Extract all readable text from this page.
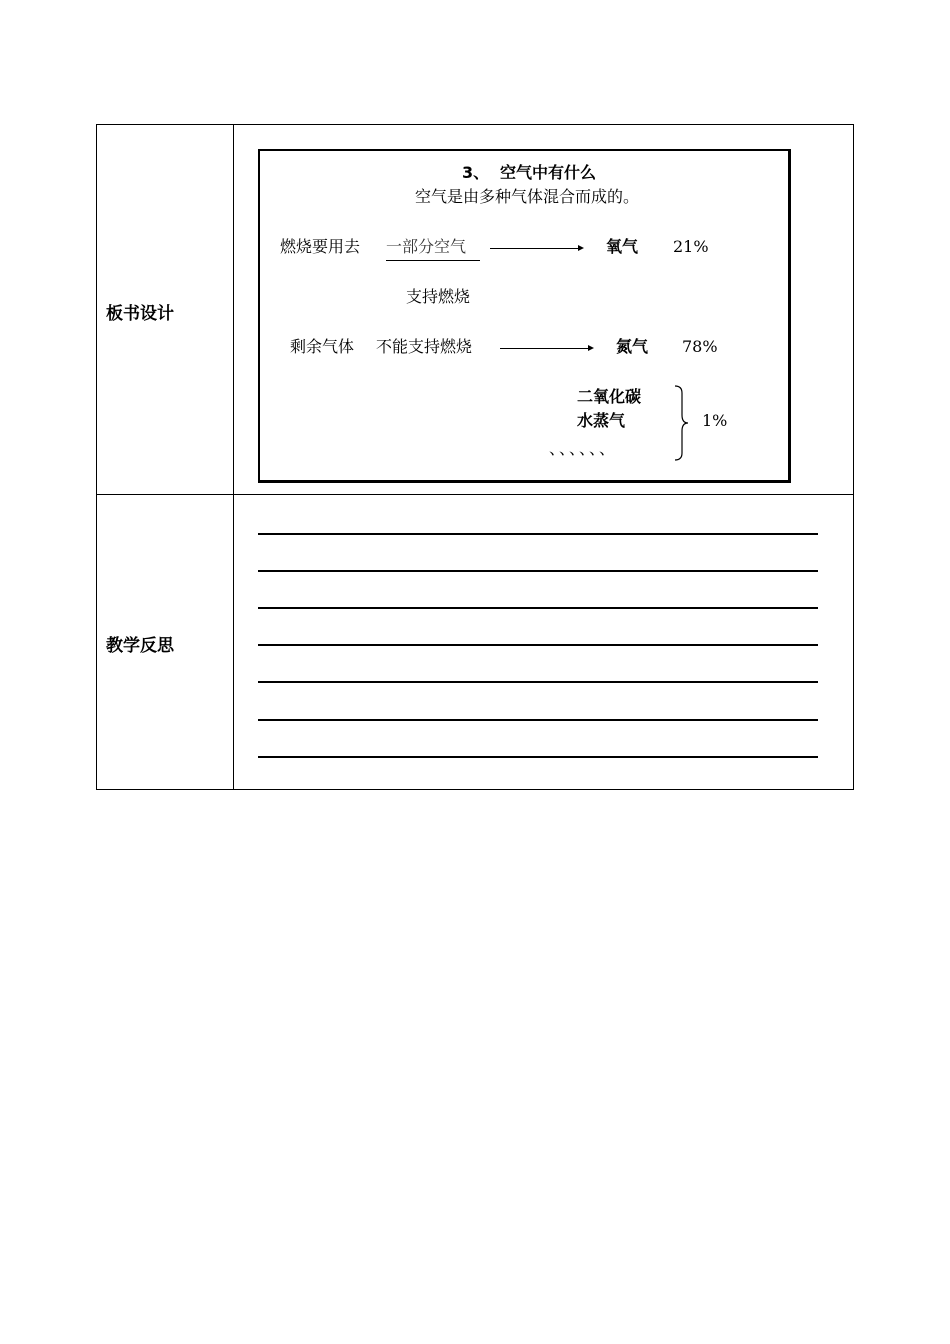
板书设计
3、 空气中有什么
空气是由多种气体混合而成的。
燃烧要用去 一部分空气	氧气 21%
支持燃烧
剩余气体 不能支持燃烧	氮气 78%
二氧化碳
水蒸气
、、、、、、
1%
教学反思
